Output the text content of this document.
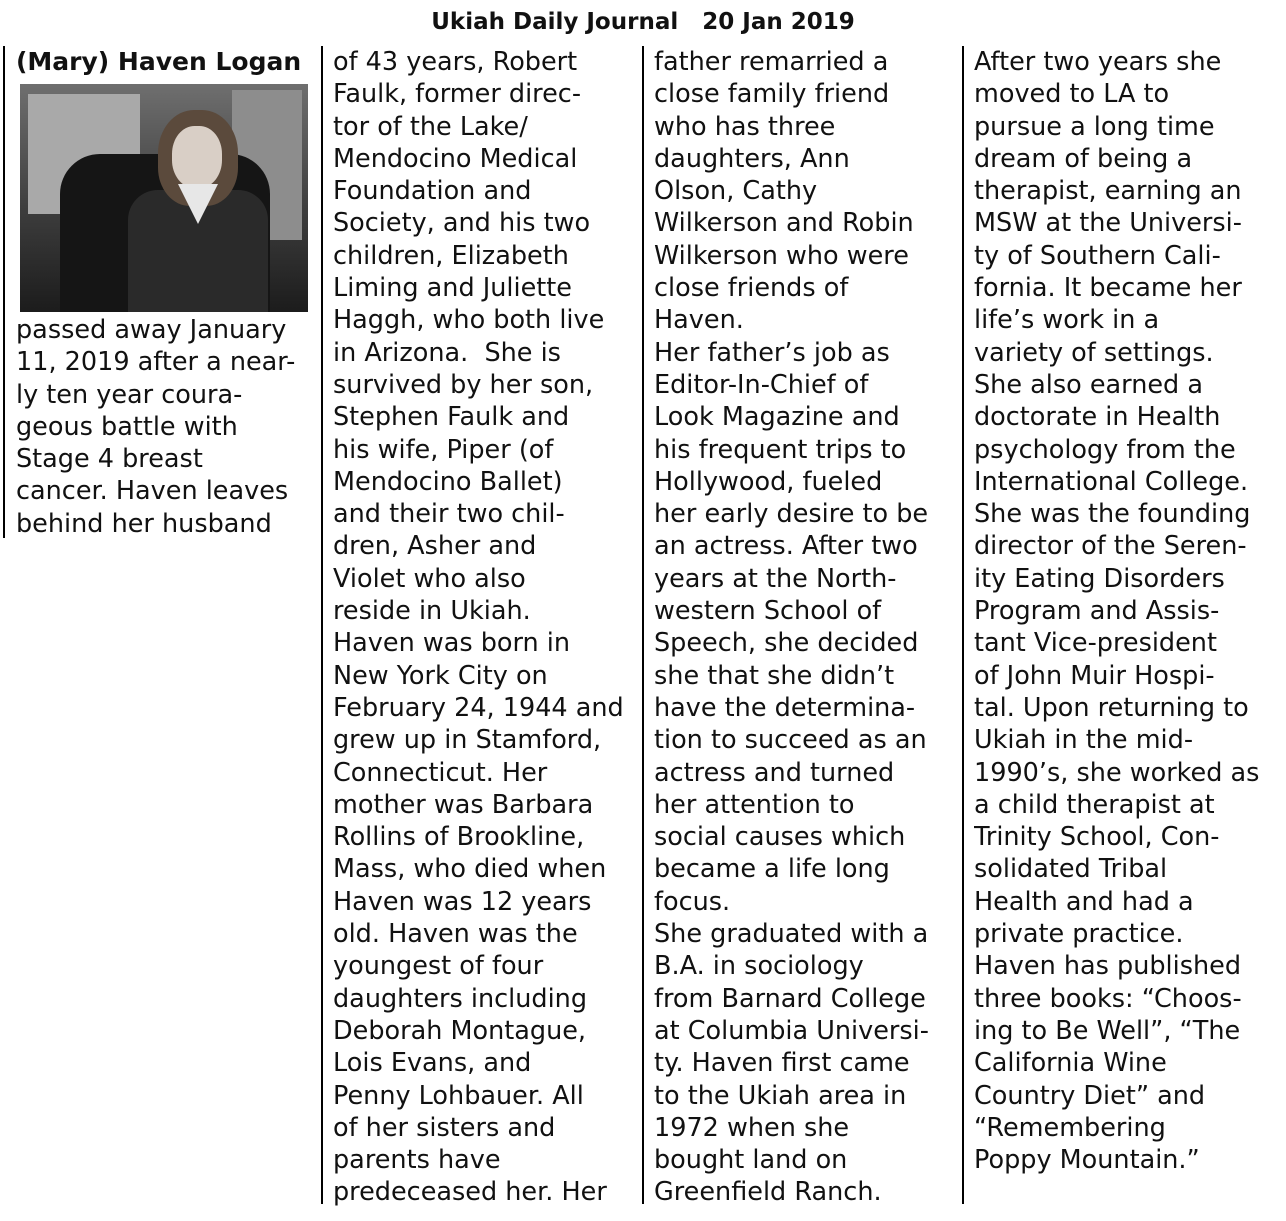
Ukiah Daily Journal 20 Jan 2019
(Mary) Haven Logan
passed away January
11, 2019 after a near-
ly ten year coura-
geous battle with
Stage 4 breast
cancer. Haven leaves
behind her husband
of 43 years, Robert
Faulk, former direc-
tor of the Lake/
Mendocino Medical
Foundation and
Society, and his two
children, Elizabeth
Liming and Juliette
Haggh, who both live
in Arizona.  She is
survived by her son,
Stephen Faulk and
his wife, Piper (of
Mendocino Ballet)
and their two chil-
dren, Asher and
Violet who also
reside in Ukiah.
Haven was born in
New York City on
February 24, 1944 and
grew up in Stamford,
Connecticut. Her
mother was Barbara
Rollins of Brookline,
Mass, who died when
Haven was 12 years
old. Haven was the
youngest of four
daughters including
Deborah Montague,
Lois Evans, and
Penny Lohbauer. All
of her sisters and
parents have
predeceased her. Her
father remarried a
close family friend
who has three
daughters, Ann
Olson, Cathy
Wilkerson and Robin
Wilkerson who were
close friends of
Haven.
Her father’s job as
Editor-In-Chief of
Look Magazine and
his frequent trips to
Hollywood, fueled
her early desire to be
an actress. After two
years at the North-
western School of
Speech, she decided
she that she didn’t
have the determina-
tion to succeed as an
actress and turned
her attention to
social causes which
became a life long
focus.
She graduated with a
B.A. in sociology
from Barnard College
at Columbia Universi-
ty. Haven first came
to the Ukiah area in
1972 when she
bought land on
Greenfield Ranch.
After two years she
moved to LA to
pursue a long time
dream of being a
therapist, earning an
MSW at the Universi-
ty of Southern Cali-
fornia. It became her
life’s work in a
variety of settings.
She also earned a
doctorate in Health
psychology from the
International College.
She was the founding
director of the Seren-
ity Eating Disorders
Program and Assis-
tant Vice-president
of John Muir Hospi-
tal. Upon returning to
Ukiah in the mid-
1990’s, she worked as
a child therapist at
Trinity School, Con-
solidated Tribal
Health and had a
private practice.
Haven has published
three books: “Choos-
ing to Be Well”, “The
California Wine
Country Diet” and
“Remembering
Poppy Mountain.”
